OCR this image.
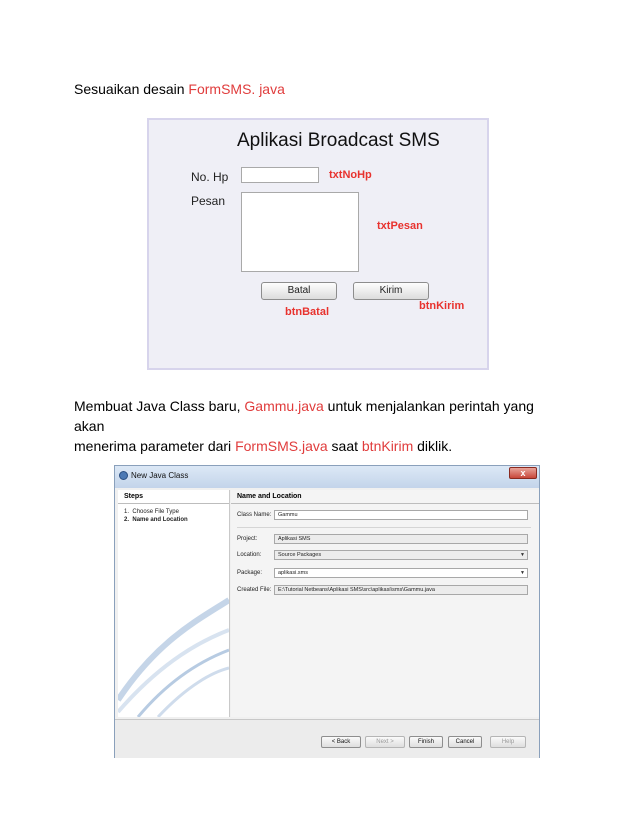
Sesuaikan desain FormSMS. java

Aplikasi Broadcast SMS
No. Hp	txtNoHp
Pesan
txtPesan
Batal	Kirim
btnBatal	btnKirim

Membuat Java Class baru, Gammu.java untuk menjalankan perintah yang akan
menerima parameter dari FormSMS.java saat btnKirim diklik.

New Java Class	x
Steps
1. Choose File Type
2. Name and Location
Name and Location
Class Name:	Gammu
Project:	Aplikasi SMS
Location:	Source Packages	▼
Package:	aplikasi.sms	▼
Created File:	E:\Tutorial Netbeans\Aplikasi SMS\src\aplikasi\sms\Gammu.java
< Back	Next >	Finish	Cancel	Help
